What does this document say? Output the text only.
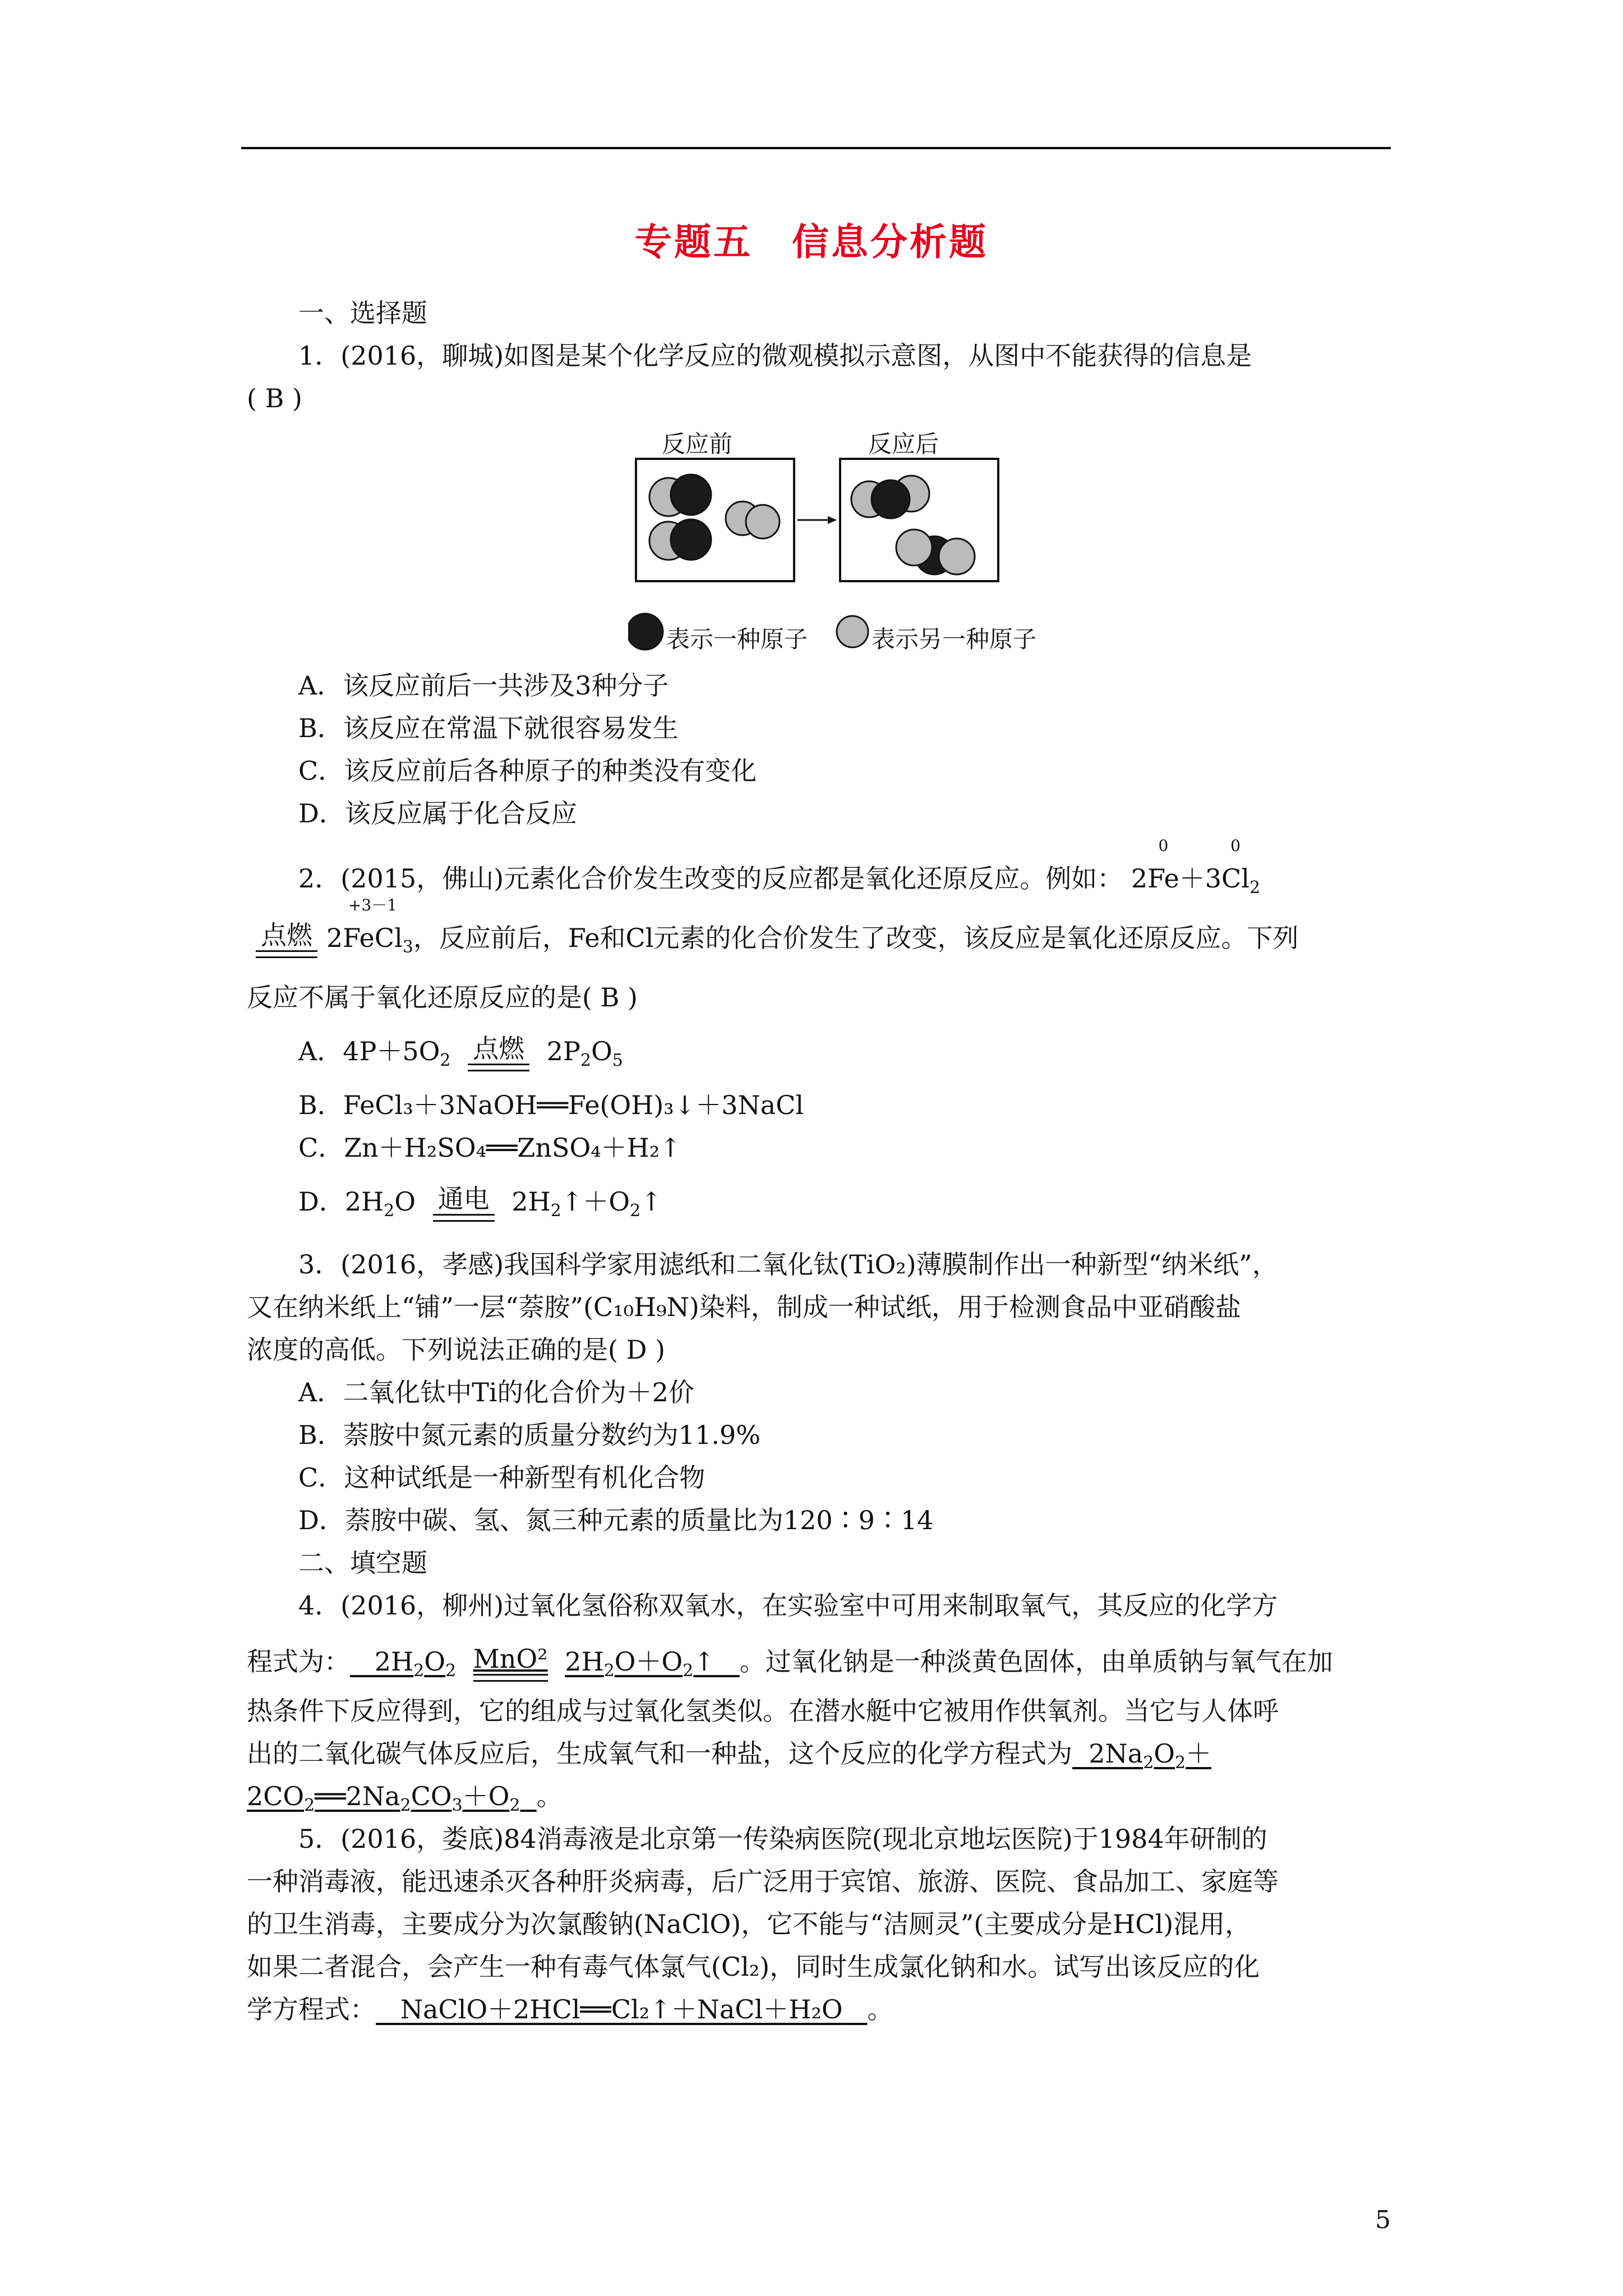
专题五　信息分析题
一、选择题
1．(2016，聊城)如图是某个化学反应的微观模拟示意图，从图中不能获得的信息是
( B )
反应前	反应后
表示一种原子	表示另一种原子
A．该反应前后一共涉及3种分子
B．该反应在常温下就很容易发生
C．该反应前后各种原子的种类没有变化
D．该反应属于化合反应
2．(2015，佛山)元素化合价发生改变的反应都是氧化还原反应。例如： 2Fe
0
＋3Cl
0
$_2$
点燃 2FeCl
+3－1
$_3$，反应前后，Fe和Cl元素的化合价发生了改变，该反应是氧化还原反应。下列
反应不属于氧化还原反应的是( B )
A．$4P+5O_2$ 点燃 $2P_2O_5$
B．FeCl₃＋3NaOH══Fe(OH)₃↓＋3NaCl
C．Zn＋H₂SO₄══ZnSO₄＋H₂↑
D．$2H_2O$ 通电 $2H_2↑+O_2↑$
3．(2016，孝感)我国科学家用滤纸和二氧化钛(TiO₂)薄膜制作出一种新型“纳米纸”，
又在纳米纸上“铺”一层“萘胺”(C₁₀H₉N)染料，制成一种试纸，用于检测食品中亚硝酸盐
浓度的高低。下列说法正确的是( D )
A．二氧化钛中Ti的化合价为＋2价
B．萘胺中氮元素的质量分数约为11.9%
C．这种试纸是一种新型有机化合物
D．萘胺中碳、氢、氮三种元素的质量比为120∶9∶14
二、填空题
4．(2016，柳州)过氧化氢俗称双氧水，在实验室中可用来制取氧气，其反应的化学方
程式为：   $2H_2O_2$ MnO² $2H_2O+O_2↑$   。过氧化钠是一种淡黄色固体，由单质钠与氧气在加
热条件下反应得到，它的组成与过氧化氢类似。在潜水艇中它被用作供氧剂。当它与人体呼
出的二氧化碳气体反应后，生成氧气和一种盐，这个反应的化学方程式为  $2Na_2O_2+$
$2CO_2══2Na_2CO_3+O_2$ 。
5．(2016，娄底)84消毒液是北京第一传染病医院(现北京地坛医院)于1984年研制的
一种消毒液，能迅速杀灭各种肝炎病毒，后广泛用于宾馆、旅游、医院、食品加工、家庭等
的卫生消毒，主要成分为次氯酸钠(NaClO)，它不能与“洁厕灵”(主要成分是HCl)混用，
如果二者混合，会产生一种有毒气体氯气(Cl₂)，同时生成氯化钠和水。试写出该反应的化
学方程式： NaClO＋2HCl══Cl₂↑＋NaCl＋H₂O 。
5
